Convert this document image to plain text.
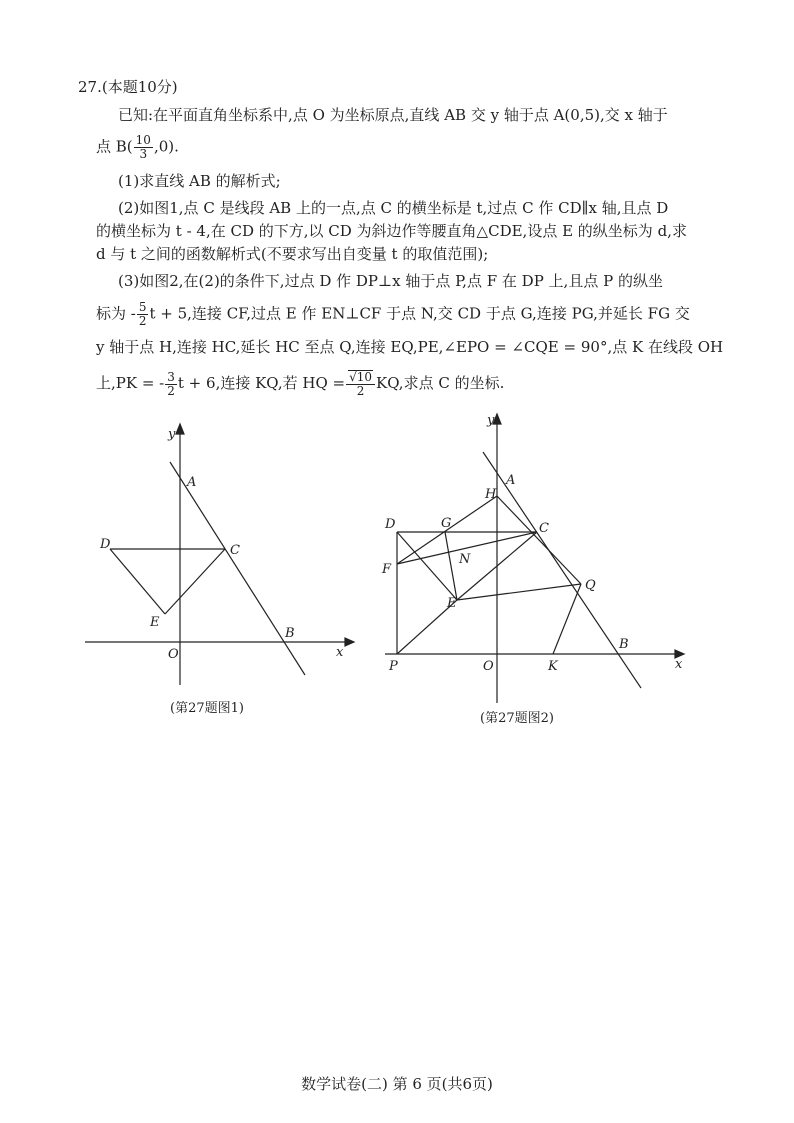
27.(本题10分)
已知:在平面直角坐标系中,点 O 为坐标原点,直线 AB 交 y 轴于点 A(0,5),交 x 轴于
点 $B( \frac{10}{3} ,0)$.
(1)求直线 AB 的解析式;
(2)如图1,点 C 是线段 AB 上的一点,点 C 的横坐标是 t,过点 C 作 CD∥x 轴,且点 D
的横坐标为 t - 4,在 CD 的下方,以 CD 为斜边作等腰直角△CDE,设点 E 的纵坐标为 d,求
d 与 t 之间的函数解析式(不要求写出自变量 t 的取值范围);
(3)如图2,在(2)的条件下,过点 D 作 DP⊥x 轴于点 P,点 F 在 DP 上,且点 P 的纵坐
标为 - $\frac{5}{2}$ t + 5,连接 CF,过点 E 作 EN⊥CF 于点 N,交 CD 于点 G,连接 PG,并延长 FG 交
y 轴于点 H,连接 HC,延长 HC 至点 Q,连接 EQ,PE,∠EPO = ∠CQE = 90°,点 K 在线段 OH
上,PK = - $\frac{3}{2}$ t + 6,连接 KQ,若 HQ = $\frac{√10}{2}$ KQ,求点 C 的坐标.
y
A
D	C
E
B
O	x
(第27题图1)
y
A
H
D	G	C
N
F
Q
E
B
P	O	K	x
(第27题图2)
数学试卷(二) 第 6 页(共6页)
